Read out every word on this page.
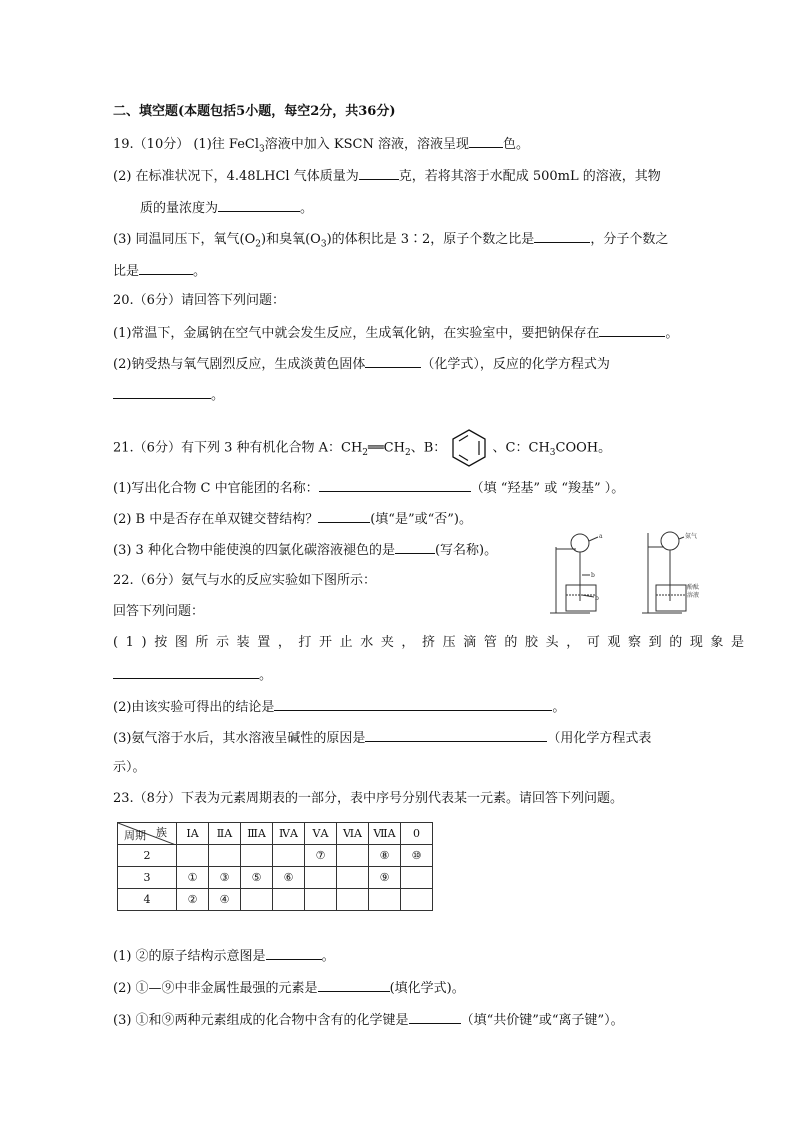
二、填空题(本题包括5小题，每空2分，共36分)
19.（10分） (1)往 FeCl$_3$溶液中加入 KSCN 溶液，溶液呈现	色。
(2) 在标准状况下，4.48LHCl 气体质量为	克，若将其溶于水配成 500mL 的溶液，其物
质的量浓度为	。
(3) 同温同压下，氧气$(O_2)$和臭氧$(O_3)$的体积比是 3∶2，原子个数之比是	，分子个数之
比是	。
20.（6分）请回答下列问题：
(1)常温下，金属钠在空气中就会发生反应，生成氧化钠，在实验室中，要把钠保存在	。
(2)钠受热与氧气剧烈反应，生成淡黄色固体	（化学式），反应的化学方程式为
。
21.（6分）有下列 3 种有机化合物 A：$CH_2══CH_2$、B：	、C：$CH_3COOH$。
(1)写出化合物 C 中官能团的名称：	（填 “羟基” 或 “羧基” ）。
(2) B 中是否存在单双键交替结构？	(填“是”或“否”)。
(3) 3 种化合物中能使溴的四氯化碳溶液褪色的是	(写名称)。
a
b
b
氨气
酚酞
溶液
22.（6分）氨气与水的反应实验如下图所示：
回答下列问题：
(1)按图所示装置，打开止水夹，挤压滴管的胶头，可观察到的现象是
。
(2)由该实验可得出的结论是	。
(3)氨气溶于水后，其水溶液呈碱性的原因是	（用化学方程式表
示）。
23.（8分）下表为元素周期表的一部分，表中序号分别代表某一元素。请回答下列问题。
族
周期	ⅠA	ⅡA	ⅢA	ⅣA	ⅤA	ⅥA	ⅦA	0
2					⑦		⑧	⑩
3	①	③	⑤	⑥			⑨	
4	②	④						
(1) ②的原子结构示意图是	。
(2) ①—⑨中非金属性最强的元素是	(填化学式)。
(3) ①和⑨两种元素组成的化合物中含有的化学键是	（填“共价键”或“离子键”）。
